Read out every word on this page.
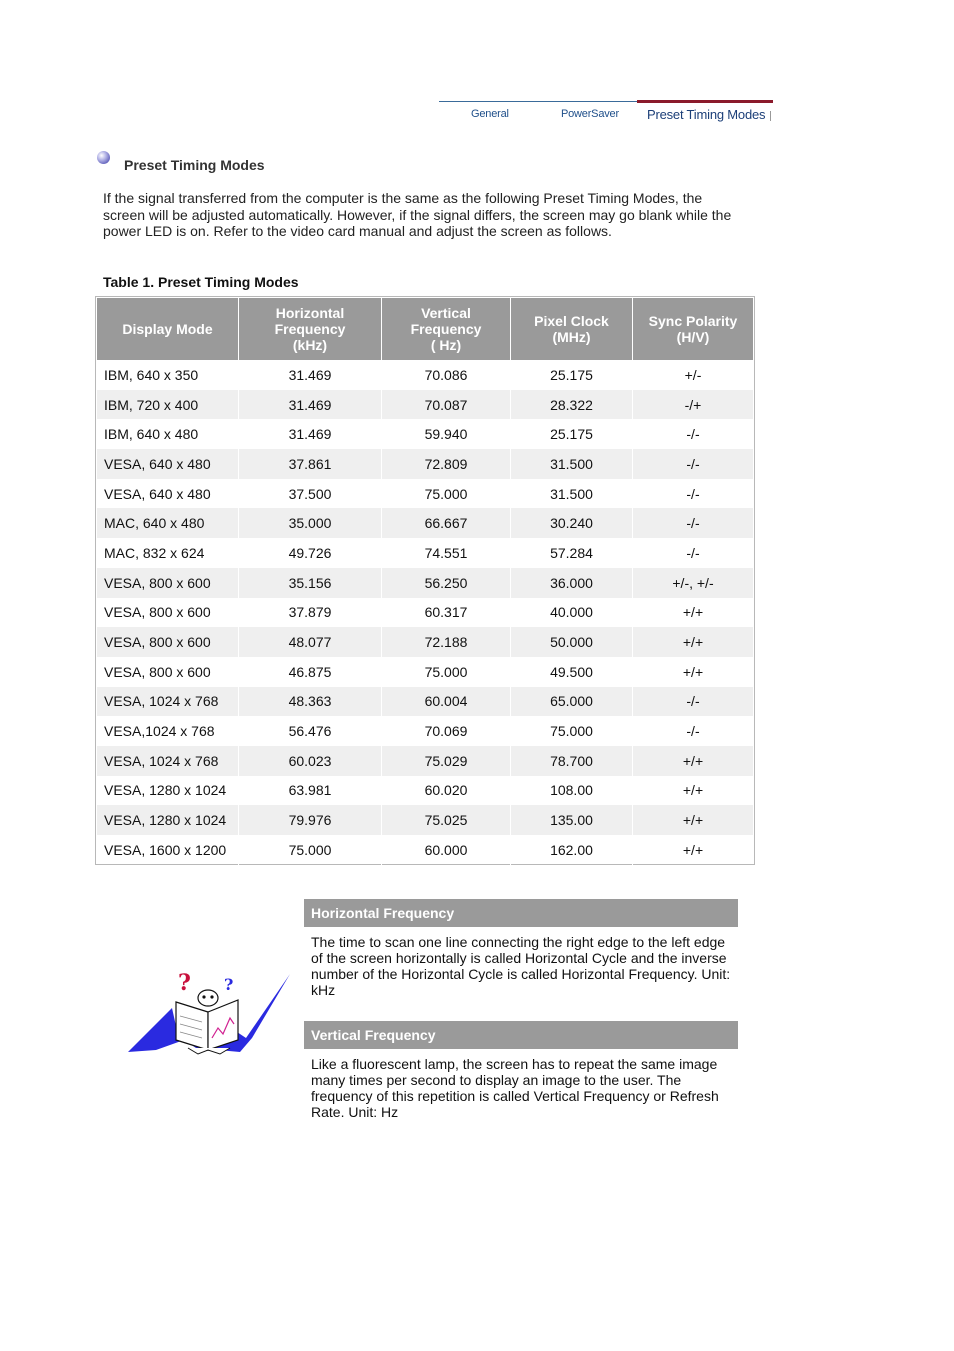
General	PowerSaver Preset Timing Modes
Preset Timing Modes

If the signal transferred from the computer is the same as the following Preset Timing Modes, the screen will be adjusted automatically. However, if the signal differs, the screen may go blank while the power LED is on. Refer to the video card manual and adjust the screen as follows.

Table 1. Preset Timing Modes
Display Mode	Horizontal
Frequency
(kHz)	Vertical
Frequency
( Hz)	Pixel Clock
(MHz)	Sync Polarity
(H/V)
IBM, 640 x 350	31.469	70.086	25.175	+/-
IBM, 720 x 400	31.469	70.087	28.322	-/+
IBM, 640 x 480	31.469	59.940	25.175	-/-
VESA, 640 x 480	37.861	72.809	31.500	-/-
VESA, 640 x 480	37.500	75.000	31.500	-/-
MAC, 640 x 480	35.000	66.667	30.240	-/-
MAC, 832 x 624	49.726	74.551	57.284	-/-
VESA, 800 x 600	35.156	56.250	36.000	+/-, +/-
VESA, 800 x 600	37.879	60.317	40.000	+/+
VESA, 800 x 600	48.077	72.188	50.000	+/+
VESA, 800 x 600	46.875	75.000	49.500	+/+
VESA, 1024 x 768	48.363	60.004	65.000	-/-
VESA,1024 x 768	56.476	70.069	75.000	-/-
VESA, 1024 x 768	60.023	75.029	78.700	+/+
VESA, 1280 x 1024	63.981	60.020	108.00	+/+
VESA, 1280 x 1024	79.976	75.025	135.00	+/+
VESA, 1600 x 1200	75.000	60.000	162.00	+/+
? ?
Horizontal Frequency

The time to scan one line connecting the right edge to the left edge of the screen horizontally is called Horizontal Cycle and the inverse number of the Horizontal Cycle is called Horizontal Frequency. Unit: kHz

Vertical Frequency

Like a fluorescent lamp, the screen has to repeat the same image many times per second to display an image to the user. The frequency of this repetition is called Vertical Frequency or Refresh Rate. Unit: Hz
